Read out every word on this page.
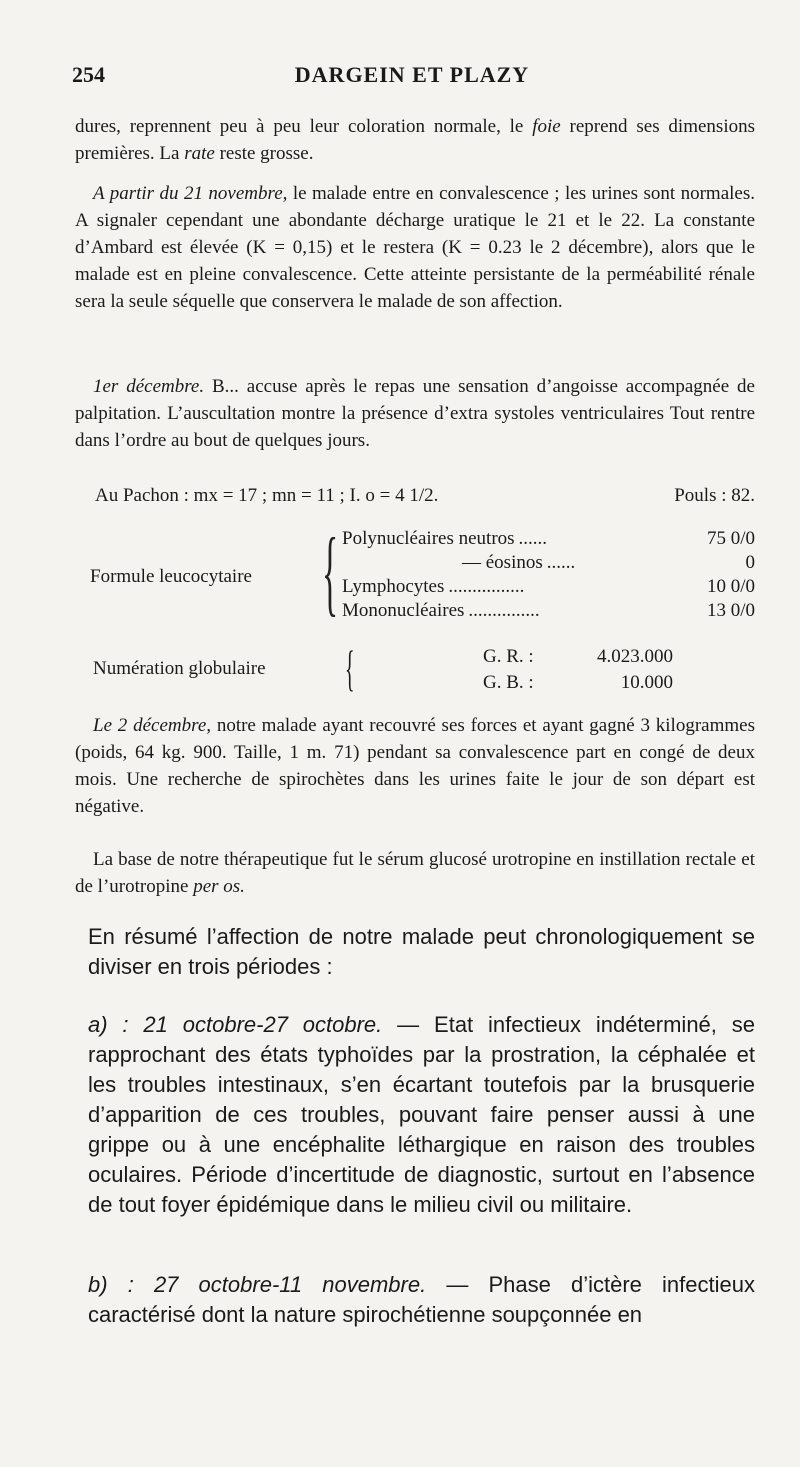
254	DARGEIN ET PLAZY

dures, reprennent peu à peu leur coloration normale, le foie reprend ses dimensions premières. La rate reste grosse.

A partir du 21 novembre, le malade entre en convalescence ; les urines sont normales. A signaler cependant une abondante décharge uratique le 21 et le 22. La constante d’Ambard est élevée (K = 0,15) et le restera (K = 0.23 le 2 décembre), alors que le malade est en pleine convalescence. Cette atteinte persistante de la perméabilité rénale sera la seule séquelle que conservera le malade de son affection.

1er décembre. B... accuse après le repas une sensation d’angoisse accompagnée de palpitation. L’auscultation montre la présence d’extra systoles ventriculaires Tout rentre dans l’ordre au bout de quelques jours.

Au Pachon : mx = 17 ; mn = 11 ; I. o = 4 1/2.	Pouls : 82.
Formule leucocytaire { Polynucléaires neutros ......	75 0/0
— éosinos ......	0
Lymphocytes ................	10 0/0
Mononucléaires ...............	13 0/0
Numération globulaire {	G. R. :	4.023.000
G. B. :	10.000

Le 2 décembre, notre malade ayant recouvré ses forces et ayant gagné 3 kilogrammes (poids, 64 kg. 900. Taille, 1 m. 71) pendant sa convalescence part en congé de deux mois. Une recherche de spirochètes dans les urines faite le jour de son départ est négative.

La base de notre thérapeutique fut le sérum glucosé urotropine en instillation rectale et de l’urotropine per os.

En résumé l’affection de notre malade peut chronologiquement se diviser en trois périodes :

a) : 21 octobre-27 octobre. — Etat infectieux indéterminé, se rapprochant des états typhoïdes par la prostration, la céphalée et les troubles intestinaux, s’en écartant toutefois par la brusquerie d’apparition de ces troubles, pouvant faire penser aussi à une grippe ou à une encéphalite léthargique en raison des troubles oculaires. Période d’incertitude de diagnostic, surtout en l’absence de tout foyer épidémique dans le milieu civil ou militaire.

b) : 27 octobre-11 novembre. — Phase d’ictère infectieux caractérisé dont la nature spirochétienne soupçonnée en
